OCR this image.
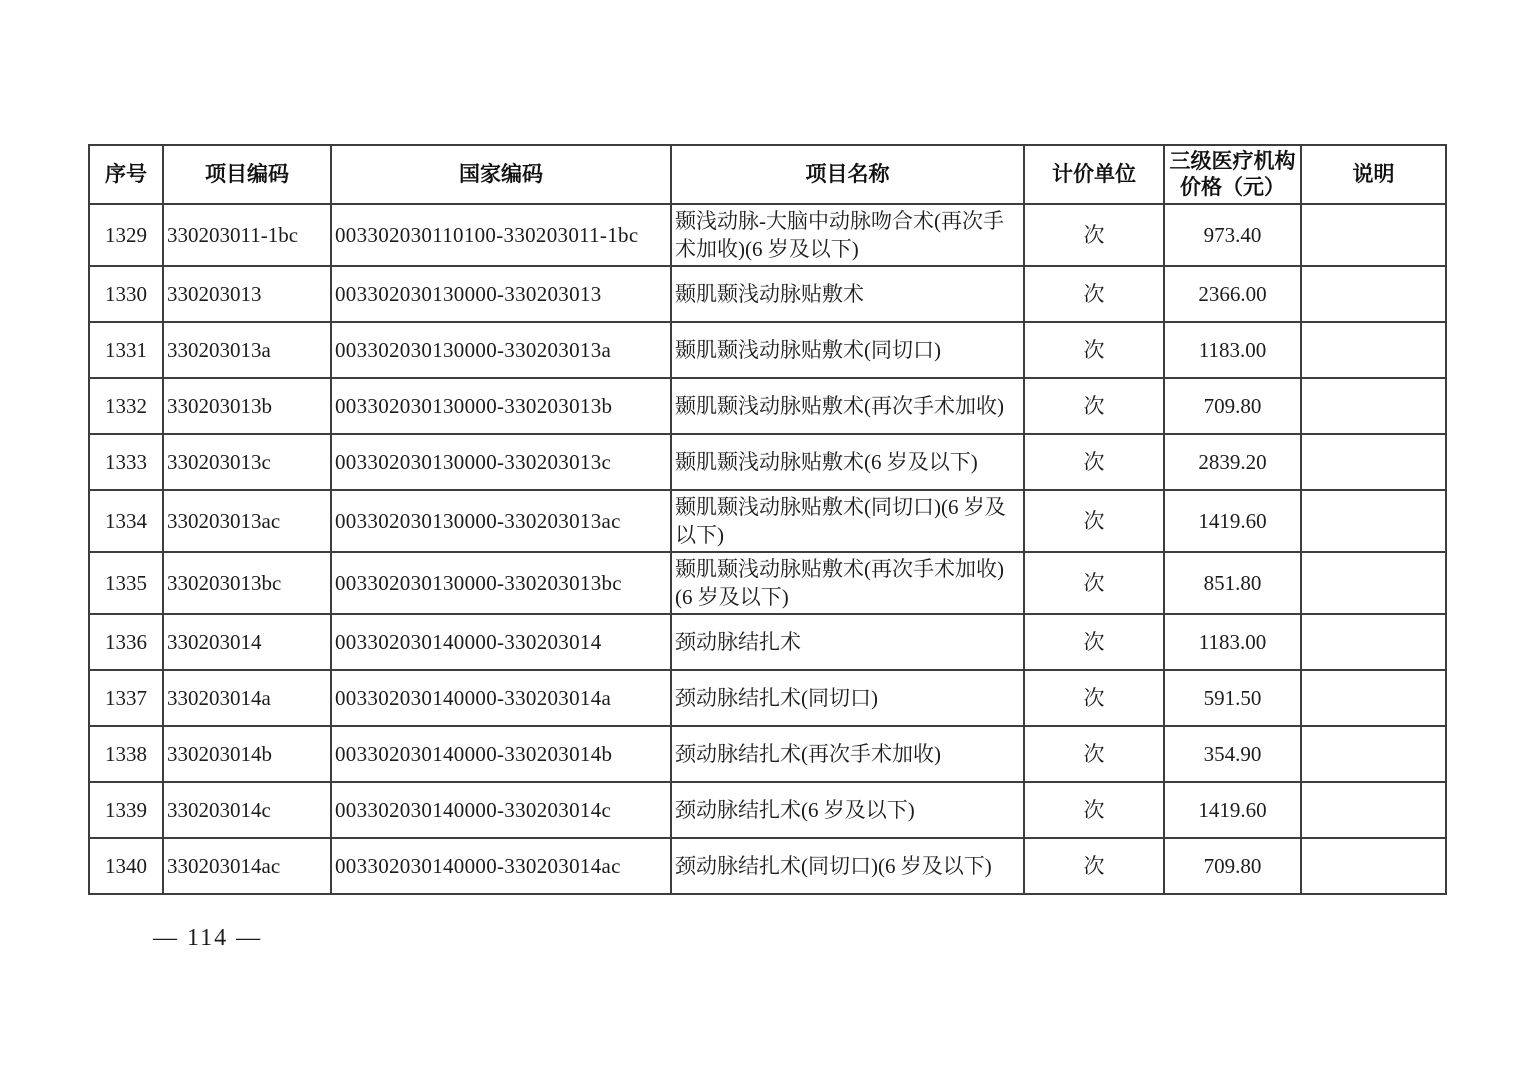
序号	项目编码	国家编码	项目名称	计价单位	三级医疗机构价格（元）	说明
1329	330203011-1bc	003302030110100-330203011-1bc	颞浅动脉-大脑中动脉吻合术(再次手术加收)(6 岁及以下)	次	973.40	
1330	330203013	003302030130000-330203013	颞肌颞浅动脉贴敷术	次	2366.00	
1331	330203013a	003302030130000-330203013a	颞肌颞浅动脉贴敷术(同切口)	次	1183.00	
1332	330203013b	003302030130000-330203013b	颞肌颞浅动脉贴敷术(再次手术加收)	次	709.80	
1333	330203013c	003302030130000-330203013c	颞肌颞浅动脉贴敷术(6 岁及以下)	次	2839.20	
1334	330203013ac	003302030130000-330203013ac	颞肌颞浅动脉贴敷术(同切口)(6 岁及以下)	次	1419.60	
1335	330203013bc	003302030130000-330203013bc	颞肌颞浅动脉贴敷术(再次手术加收)(6 岁及以下)	次	851.80	
1336	330203014	003302030140000-330203014	颈动脉结扎术	次	1183.00	
1337	330203014a	003302030140000-330203014a	颈动脉结扎术(同切口)	次	591.50	
1338	330203014b	003302030140000-330203014b	颈动脉结扎术(再次手术加收)	次	354.90	
1339	330203014c	003302030140000-330203014c	颈动脉结扎术(6 岁及以下)	次	1419.60	
1340	330203014ac	003302030140000-330203014ac	颈动脉结扎术(同切口)(6 岁及以下)	次	709.80	
— 114 —
